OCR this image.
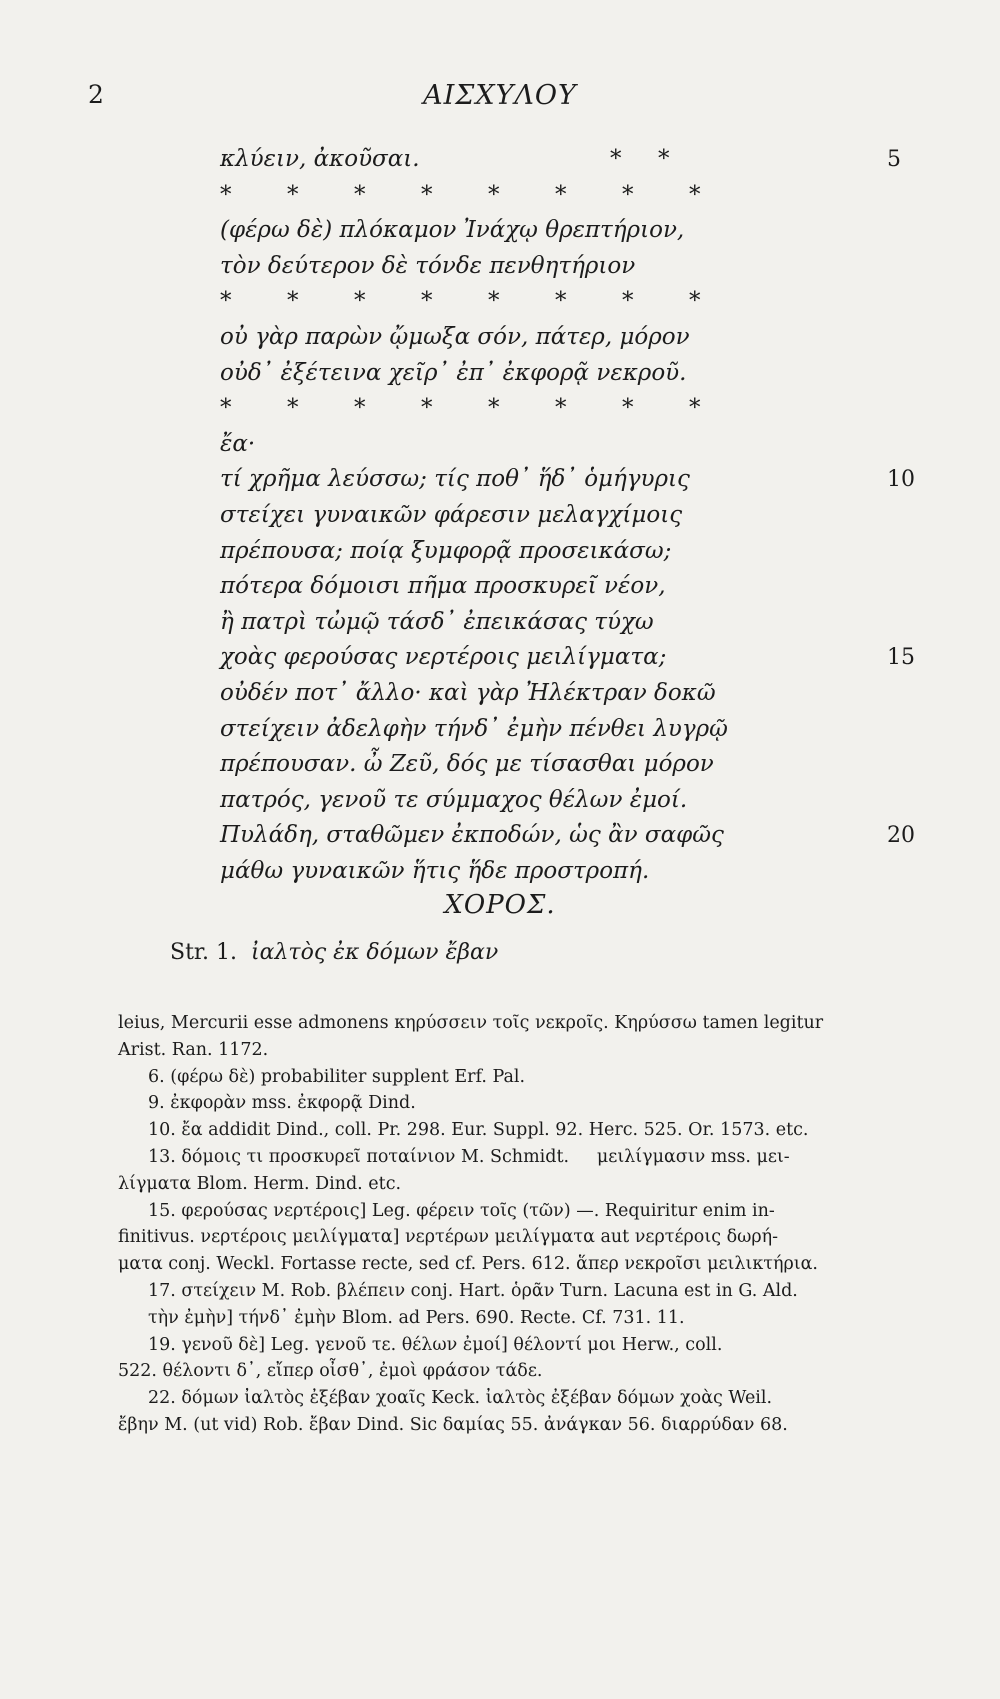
ΑΙΣΧΥΛΟΥ
2
κλύειν, ἀκοῦσαι.	*     *	5
* * * * * * * *
(φέρω δὲ) πλόκαμον Ἰνάχῳ θρεπτήριον,
τὸν δεύτερον δὲ τόνδε πενθητήριον
* * * * * * * *
οὐ γὰρ παρὼν ᾤμωξα σόν, πάτερ, μόρον
οὐδ᾽ ἐξέτεινα χεῖρ᾽ ἐπ᾽ ἐκφορᾷ νεκροῦ.
* * * * * * * *
ἔα·
τί χρῆμα λεύσσω; τίς ποθ᾽ ἥδ᾽ ὁμήγυρις	10
στείχει γυναικῶν φάρεσιν μελαγχίμοις
πρέπουσα; ποίᾳ ξυμφορᾷ προσεικάσω;
πότερα δόμοισι πῆμα προσκυρεῖ νέον,
ἢ πατρὶ τὠμῷ τάσδ᾽ ἐπεικάσας τύχω
χοὰς φερούσας νερτέροις μειλίγματα;	15
οὐδέν ποτ᾽ ἄλλο· καὶ γὰρ Ἠλέκτραν δοκῶ
στείχειν ἀδελφὴν τήνδ᾽ ἐμὴν πένθει λυγρῷ
πρέπουσαν. ὦ Ζεῦ, δός με τίσασθαι μόρον
πατρός, γενοῦ τε σύμμαχος θέλων ἐμοί.
Πυλάδη, σταθῶμεν ἐκποδών, ὡς ἂν σαφῶς	20
μάθω γυναικῶν ἥτις ἥδε προστροπή.
ΧΟΡΟΣ.
Str. 1. ἰαλτὸς ἐκ δόμων ἔβαν
leius, Mercurii esse admonens κηρύσσειν τοῖς νεκροῖς. Κηρύσσω tamen legitur
Arist. Ran. 1172.
6. (φέρω δὲ) probabiliter supplent Erf. Pal.
9. ἐκφορὰν mss. ἐκφορᾷ Dind.
10. ἔα addidit Dind., coll. Pr. 298. Eur. Suppl. 92. Herc. 525. Or. 1573. etc.
13. δόμοις τι προσκυρεῖ ποταίνιον M. Schmidt.     μειλίγμασιν mss. μει-
λίγματα Blom. Herm. Dind. etc.
15. φερούσας νερτέροις] Leg. φέρειν τοῖς (τῶν) —. Requiritur enim in-
finitivus. νερτέροις μειλίγματα] νερτέρων μειλίγματα aut νερτέροις δωρή-
ματα conj. Weckl. Fortasse recte, sed cf. Pers. 612. ἅπερ νεκροῖσι μειλικτήρια.
17. στείχειν M. Rob. βλέπειν conj. Hart. ὁρᾶν Turn. Lacuna est in G. Ald.
τὴν ἐμὴν] τήνδ᾽ ἐμὴν Blom. ad Pers. 690. Recte. Cf. 731. 11.
19. γενοῦ δὲ] Leg. γενοῦ τε. θέλων ἐμοί] θέλοντί μοι Herw., coll.
522. θέλοντι δ᾽, εἴπερ οἶσθ᾽, ἐμοὶ φράσον τάδε.
22. δόμων ἰαλτὸς ἐξέβαν χοαῖς Keck. ἰαλτὸς ἐξέβαν δόμων χοὰς Weil.
ἔβην M. (ut vid) Rob. ἔβαν Dind. Sic δαμίας 55. ἀνάγκαν 56. διαρρύδαν 68.
